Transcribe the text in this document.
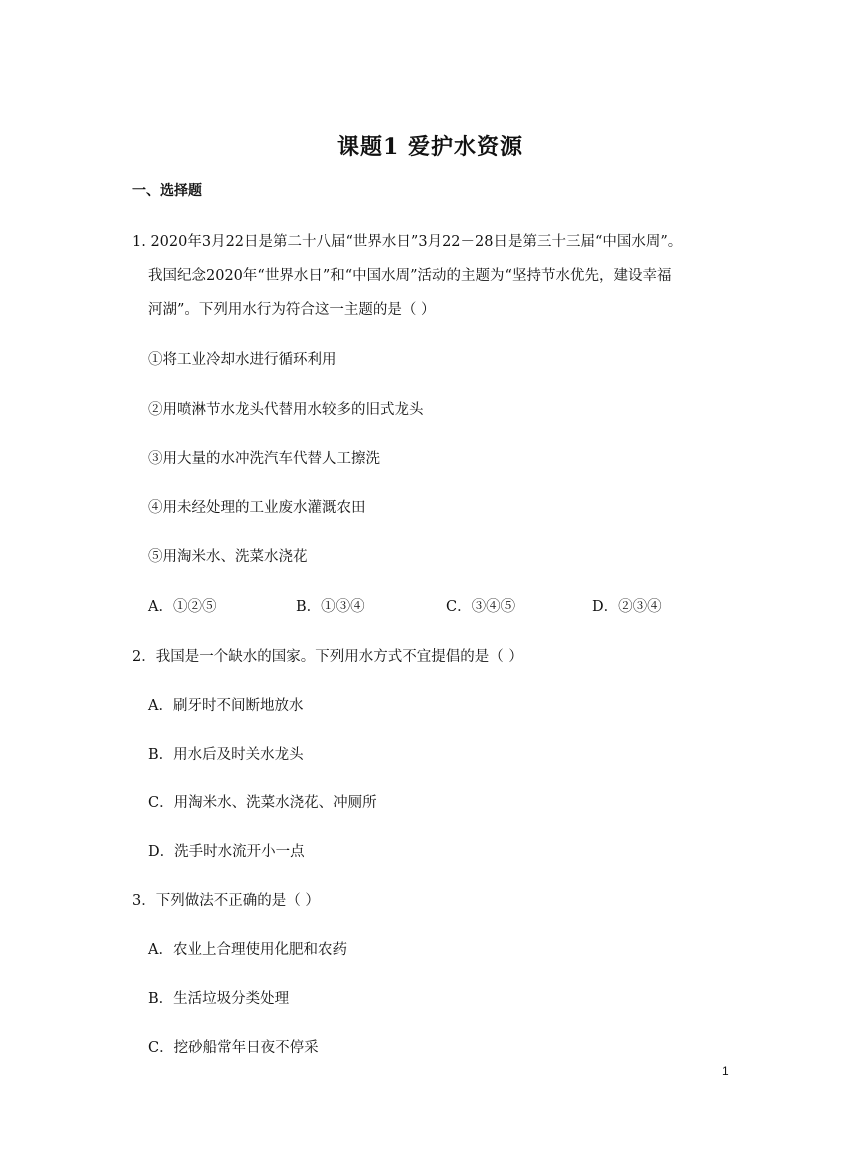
课题1 爱护水资源
一、选择题
1. 2020年3月22日是第二十八届“世界水日”3月22－28日是第三十三届“中国水周”。
我国纪念2020年“世界水日”和“中国水周”活动的主题为“坚持节水优先，建设幸福
河湖”。下列用水行为符合这一主题的是（ ）
①将工业冷却水进行循环利用
②用喷淋节水龙头代替用水较多的旧式龙头
③用大量的水冲洗汽车代替人工擦洗
④用未经处理的工业废水灌溉农田
⑤用淘米水、洗菜水浇花
A．①②⑤	B．①③④	C．③④⑤	D．②③④
2．我国是一个缺水的国家。下列用水方式不宜提倡的是（ ）
A．刷牙时不间断地放水
B．用水后及时关水龙头
C．用淘米水、洗菜水浇花、冲厕所
D．洗手时水流开小一点
3．下列做法不正确的是（ ）
A．农业上合理使用化肥和农药
B．生活垃圾分类处理
C．挖砂船常年日夜不停采
1
